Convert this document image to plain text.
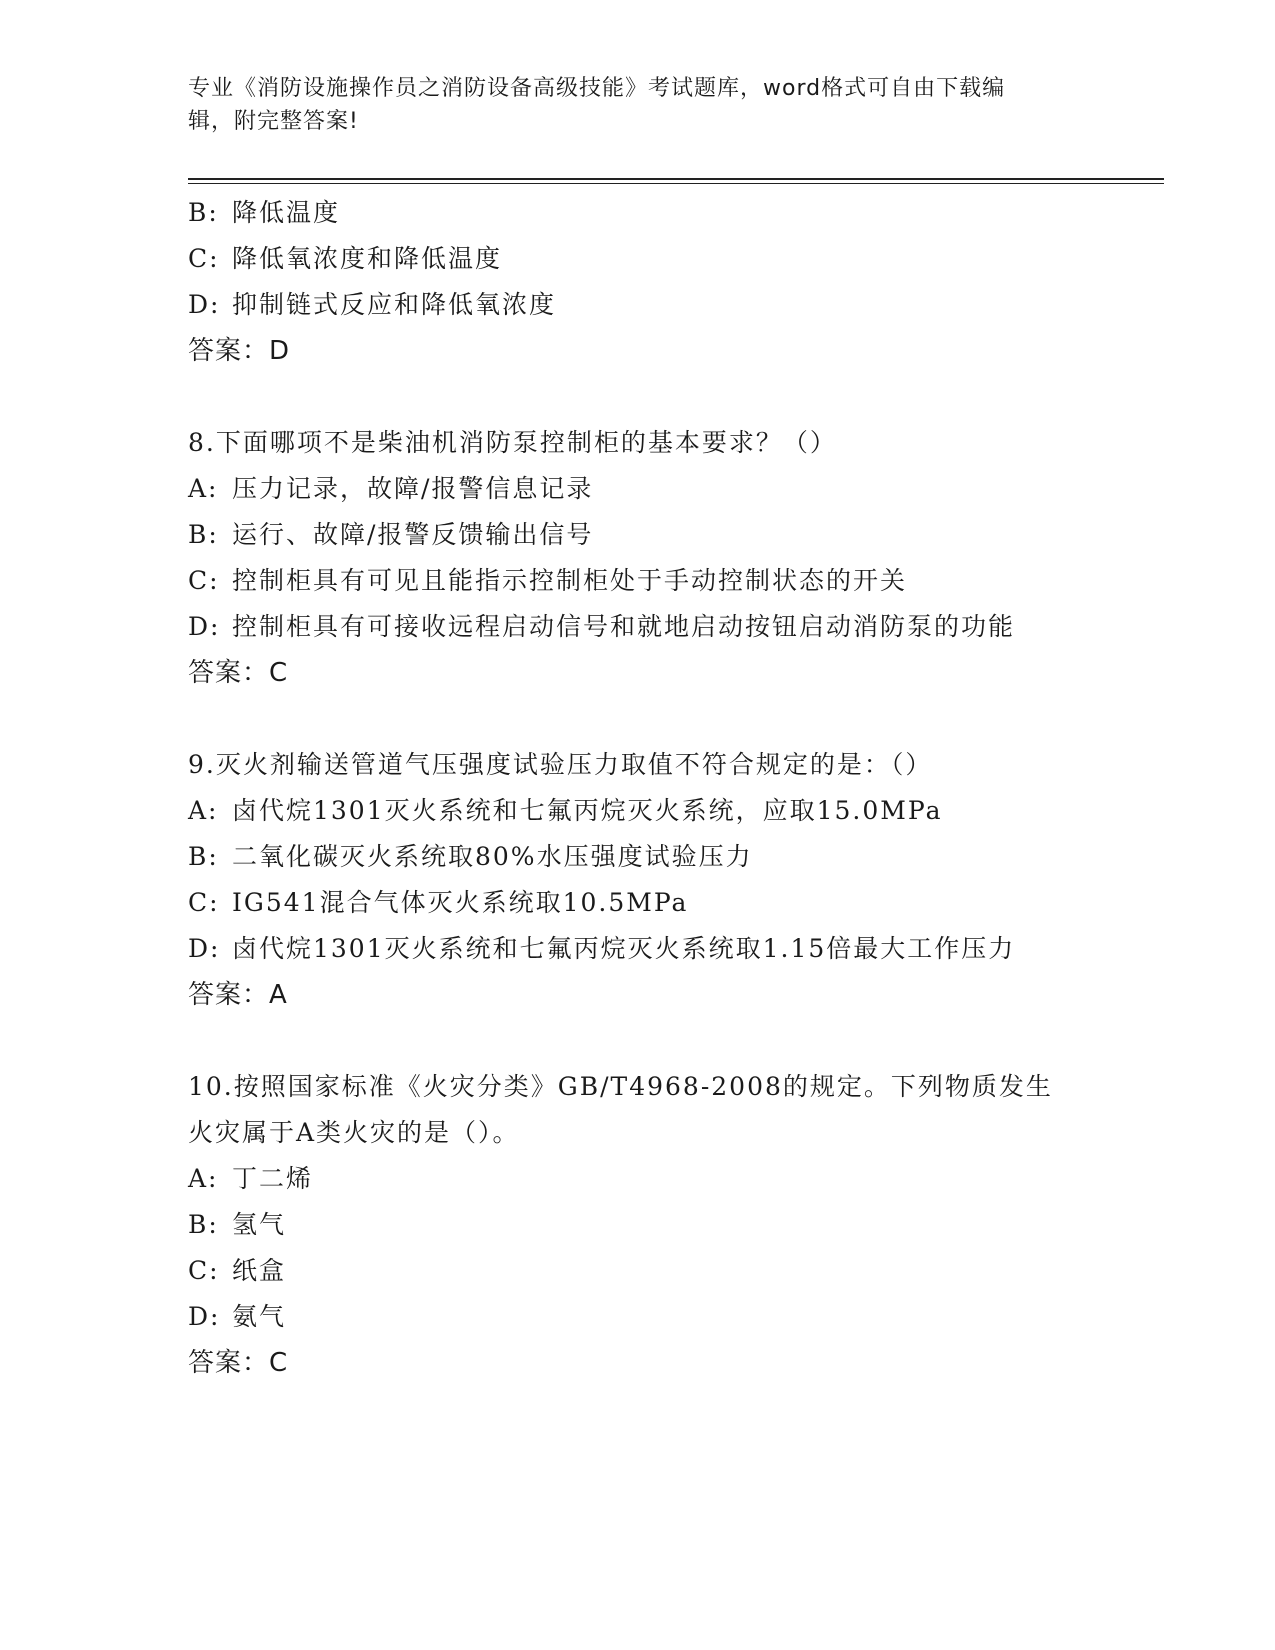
专业《消防设施操作员之消防设备高级技能》考试题库，word格式可自由下载编
辑，附完整答案!
B: 降低温度
C: 降低氧浓度和降低温度
D: 抑制链式反应和降低氧浓度
答案：D
8.下面哪项不是柴油机消防泵控制柜的基本要求？（）
A: 压力记录，故障/报警信息记录
B: 运行、故障/报警反馈输出信号
C: 控制柜具有可见且能指示控制柜处于手动控制状态的开关
D: 控制柜具有可接收远程启动信号和就地启动按钮启动消防泵的功能
答案：C
9.灭火剂输送管道气压强度试验压力取值不符合规定的是：（）
A: 卤代烷1301灭火系统和七氟丙烷灭火系统，应取15.0MPa
B: 二氧化碳灭火系统取80%水压强度试验压力
C: IG541混合气体灭火系统取10.5MPa
D: 卤代烷1301灭火系统和七氟丙烷灭火系统取1.15倍最大工作压力
答案：A
10.按照国家标准《火灾分类》GB/T4968-2008的规定。下列物质发生
火灾属于A类火灾的是（）。
A: 丁二烯
B: 氢气
C: 纸盒
D: 氨气
答案：C
